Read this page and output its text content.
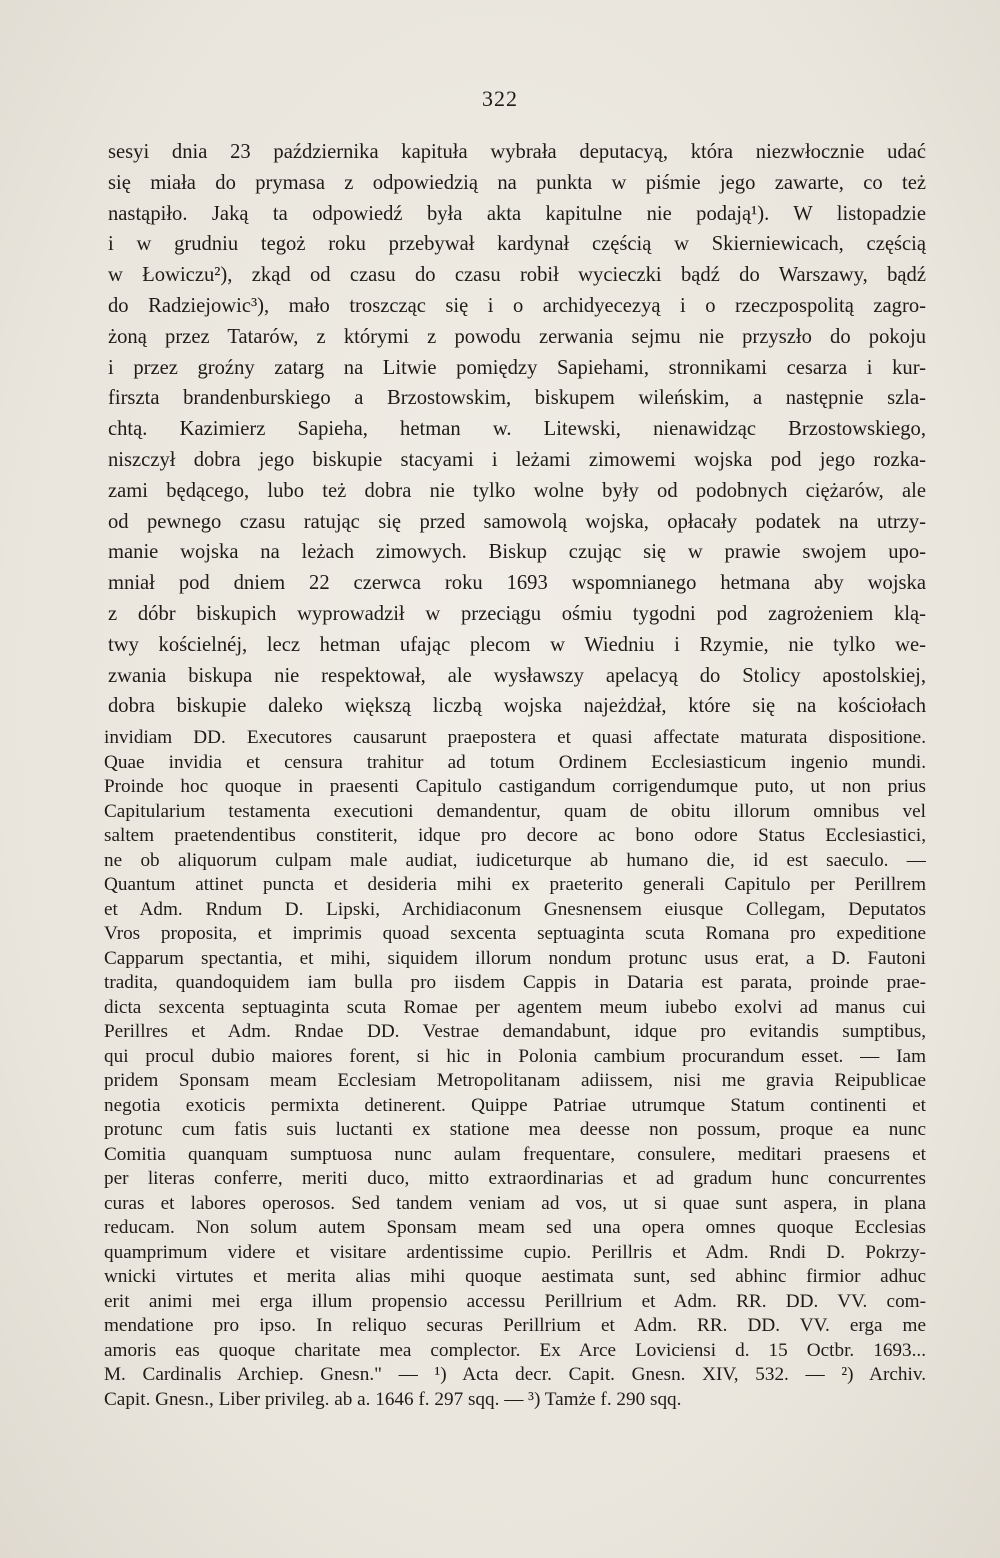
322
sesyi dnia 23 października kapituła wybrała deputacyą, która niezwłocznie udać
się miała do prymasa z odpowiedzią na punkta w piśmie jego zawarte, co też
nastąpiło. Jaką ta odpowiedź była akta kapitulne nie podają¹). W listopadzie
i w grudniu tegoż roku przebywał kardynał częścią w Skierniewicach, częścią
w Łowiczu²), zkąd od czasu do czasu robił wycieczki bądź do Warszawy, bądź
do Radziejowic³), mało troszcząc się i o archidyecezyą i o rzeczpospolitą zagro-
żoną przez Tatarów, z którymi z powodu zerwania sejmu nie przyszło do pokoju
i przez groźny zatarg na Litwie pomiędzy Sapiehami, stronnikami cesarza i kur-
firszta brandenburskiego a Brzostowskim, biskupem wileńskim, a następnie szla-
chtą. Kazimierz Sapieha, hetman w. Litewski, nienawidząc Brzostowskiego,
niszczył dobra jego biskupie stacyami i leżami zimowemi wojska pod jego rozka-
zami będącego, lubo też dobra nie tylko wolne były od podobnych ciężarów, ale
od pewnego czasu ratując się przed samowolą wojska, opłacały podatek na utrzy-
manie wojska na leżach zimowych. Biskup czując się w prawie swojem upo-
mniał pod dniem 22 czerwca roku 1693 wspomnianego hetmana aby wojska
z dóbr biskupich wyprowadził w przeciągu ośmiu tygodni pod zagrożeniem klą-
twy kościelnéj, lecz hetman ufając plecom w Wiedniu i Rzymie, nie tylko we-
zwania biskupa nie respektował, ale wysławszy apelacyą do Stolicy apostolskiej,
dobra biskupie daleko większą liczbą wojska najeżdżał, które się na kościołach
invidiam DD. Executores causarunt praepostera et quasi affectate maturata dispositione.
Quae invidia et censura trahitur ad totum Ordinem Ecclesiasticum ingenio mundi.
Proinde hoc quoque in praesenti Capitulo castigandum corrigendumque puto, ut non prius
Capitularium testamenta executioni demandentur, quam de obitu illorum omnibus vel
saltem praetendentibus constiterit, idque pro decore ac bono odore Status Ecclesiastici,
ne ob aliquorum culpam male audiat, iudiceturque ab humano die, id est saeculo. —
Quantum attinet puncta et desideria mihi ex praeterito generali Capitulo per Perillrem
et Adm. Rndum D. Lipski, Archidiaconum Gnesnensem eiusque Collegam, Deputatos
Vros proposita, et imprimis quoad sexcenta septuaginta scuta Romana pro expeditione
Capparum spectantia, et mihi, siquidem illorum nondum protunc usus erat, a D. Fautoni
tradita, quandoquidem iam bulla pro iisdem Cappis in Dataria est parata, proinde prae-
dicta sexcenta septuaginta scuta Romae per agentem meum iubebo exolvi ad manus cui
Perillres et Adm. Rndae DD. Vestrae demandabunt, idque pro evitandis sumptibus,
qui procul dubio maiores forent, si hic in Polonia cambium procurandum esset. — Iam
pridem Sponsam meam Ecclesiam Metropolitanam adiissem, nisi me gravia Reipublicae
negotia exoticis permixta detinerent. Quippe Patriae utrumque Statum continenti et
protunc cum fatis suis luctanti ex statione mea deesse non possum, proque ea nunc
Comitia quanquam sumptuosa nunc aulam frequentare, consulere, meditari praesens et
per literas conferre, meriti duco, mitto extraordinarias et ad gradum hunc concurrentes
curas et labores operosos. Sed tandem veniam ad vos, ut si quae sunt aspera, in plana
reducam. Non solum autem Sponsam meam sed una opera omnes quoque Ecclesias
quamprimum videre et visitare ardentissime cupio. Perillris et Adm. Rndi D. Pokrzy-
wnicki virtutes et merita alias mihi quoque aestimata sunt, sed abhinc firmior adhuc
erit animi mei erga illum propensio accessu Perillrium et Adm. RR. DD. VV. com-
mendatione pro ipso. In reliquo securas Perillrium et Adm. RR. DD. VV. erga me
amoris eas quoque charitate mea complector. Ex Arce Loviciensi d. 15 Octbr. 1693...
M. Cardinalis Archiep. Gnesn." — ¹) Acta decr. Capit. Gnesn. XIV, 532. — ²) Archiv.
Capit. Gnesn., Liber privileg. ab a. 1646 f. 297 sqq. — ³) Tamże f. 290 sqq.
